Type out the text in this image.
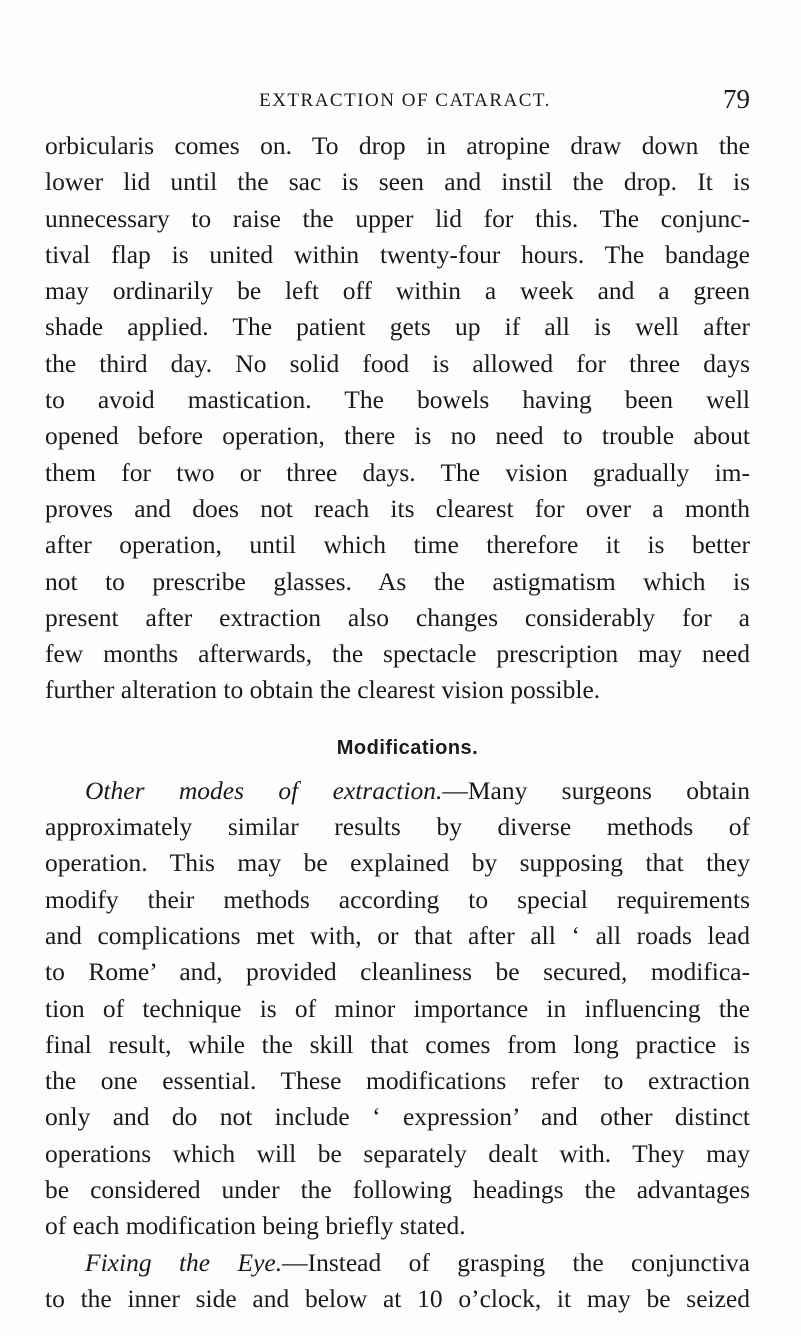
EXTRACTION OF CATARACT.	79
orbicularis comes on. To drop in atropine draw down the
lower lid until the sac is seen and instil the drop. It is
unnecessary to raise the upper lid for this. The conjunc-
tival flap is united within twenty-four hours. The bandage
may ordinarily be left off within a week and a green
shade applied. The patient gets up if all is well after
the third day. No solid food is allowed for three days
to avoid mastication. The bowels having been well
opened before operation, there is no need to trouble about
them for two or three days. The vision gradually im-
proves and does not reach its clearest for over a month
after operation, until which time therefore it is better
not to prescribe glasses. As the astigmatism which is
present after extraction also changes considerably for a
few months afterwards, the spectacle prescription may need
further alteration to obtain the clearest vision possible.
Modifications.
Other modes of extraction.—Many surgeons obtain
approximately similar results by diverse methods of
operation. This may be explained by supposing that they
modify their methods according to special requirements
and complications met with, or that after all ‘ all roads lead
to Rome’ and, provided cleanliness be secured, modifica-
tion of technique is of minor importance in influencing the
final result, while the skill that comes from long practice is
the one essential. These modifications refer to extraction
only and do not include ‘ expression’ and other distinct
operations which will be separately dealt with. They may
be considered under the following headings the advantages
of each modification being briefly stated.
Fixing the Eye.—Instead of grasping the conjunctiva
to the inner side and below at 10 o’clock, it may be seized
